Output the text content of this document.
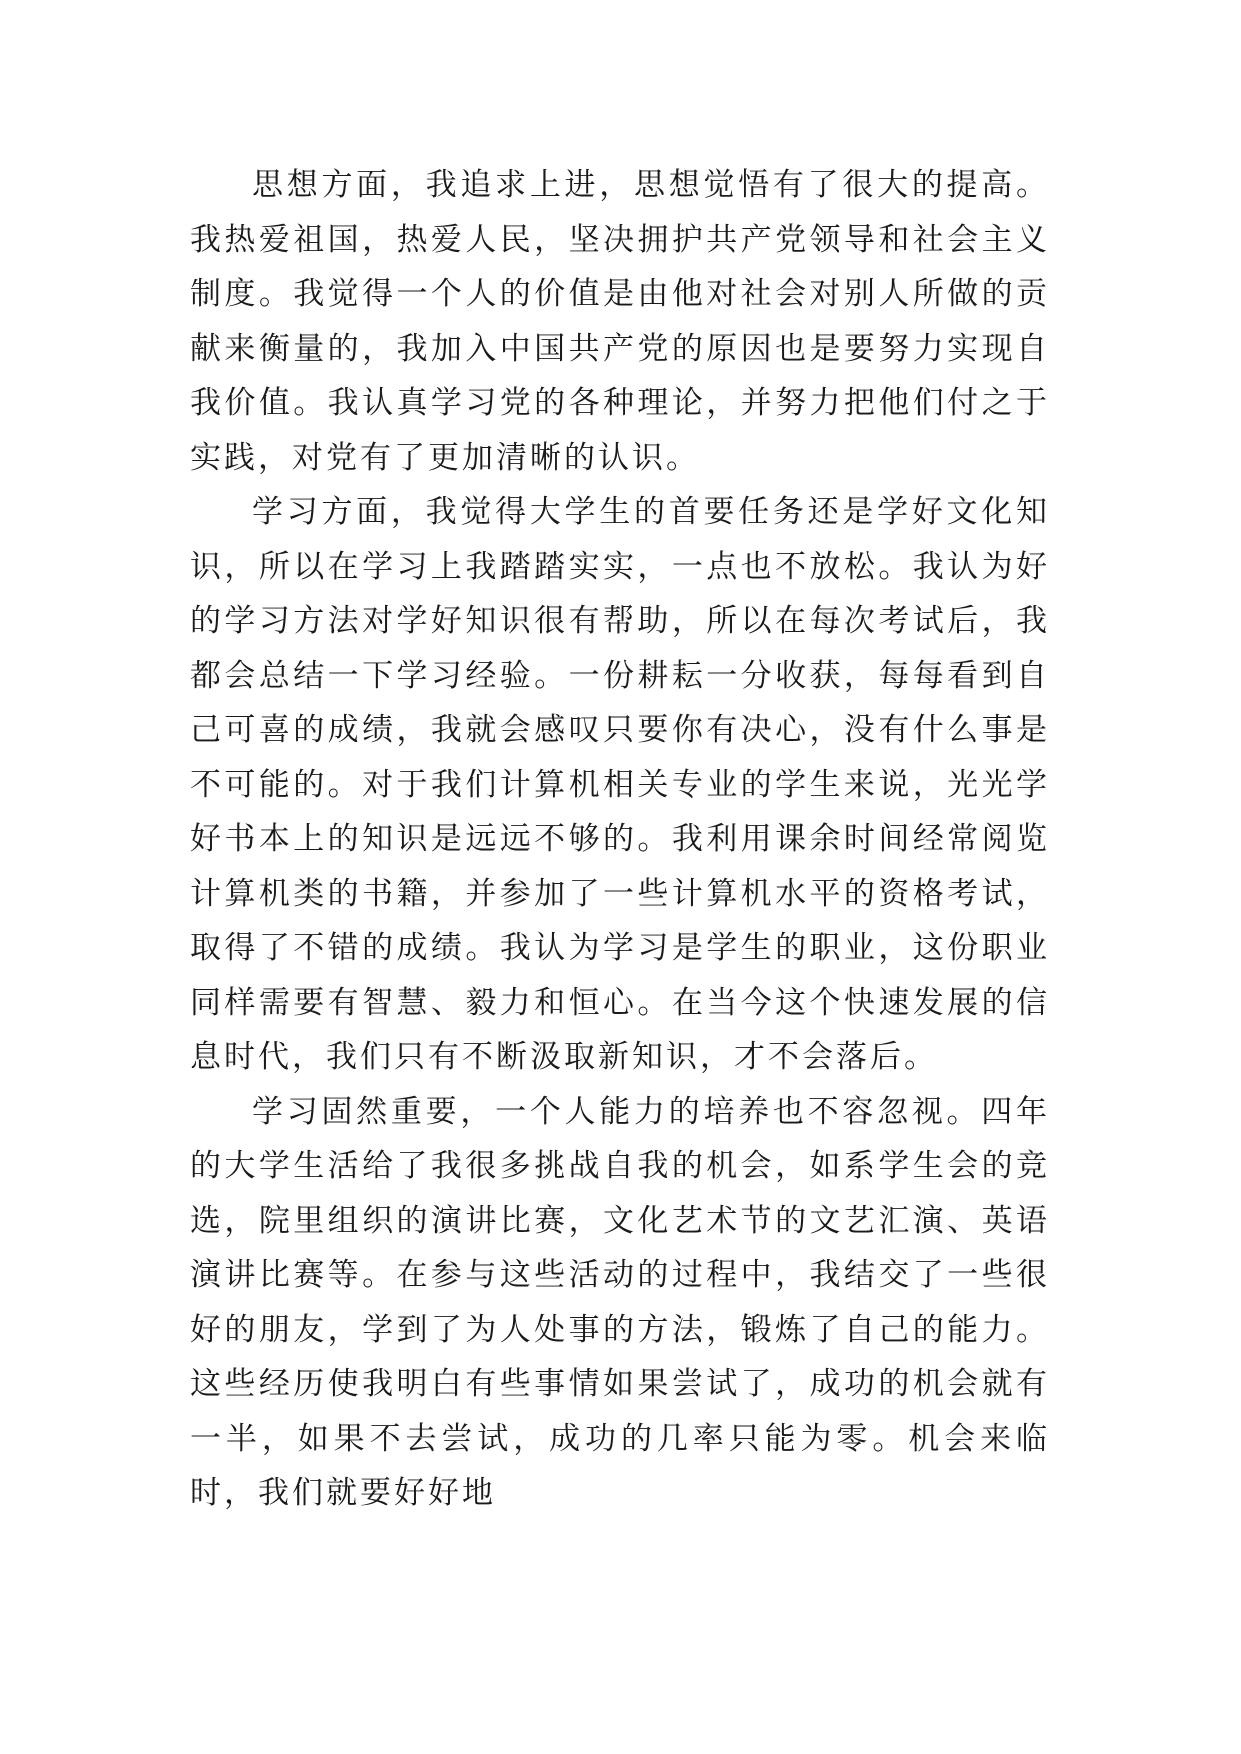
思想方面，我追求上进，思想觉悟有了很大的提高。我热爱祖国，热爱人民，坚决拥护共产党领导和社会主义制度。我觉得一个人的价值是由他对社会对别人所做的贡献来衡量的，我加入中国共产党的原因也是要努力实现自我价值。我认真学习党的各种理论，并努力把他们付之于实践，对党有了更加清晰的认识。

学习方面，我觉得大学生的首要任务还是学好文化知识，所以在学习上我踏踏实实，一点也不放松。我认为好的学习方法对学好知识很有帮助，所以在每次考试后，我都会总结一下学习经验。一份耕耘一分收获，每每看到自己可喜的成绩，我就会感叹只要你有决心，没有什么事是不可能的。对于我们计算机相关专业的学生来说，光光学好书本上的知识是远远不够的。我利用课余时间经常阅览计算机类的书籍，并参加了一些计算机水平的资格考试，取得了不错的成绩。我认为学习是学生的职业，这份职业同样需要有智慧、毅力和恒心。在当今这个快速发展的信息时代，我们只有不断汲取新知识，才不会落后。

学习固然重要，一个人能力的培养也不容忽视。四年的大学生活给了我很多挑战自我的机会，如系学生会的竞选，院里组织的演讲比赛，文化艺术节的文艺汇演、英语演讲比赛等。在参与这些活动的过程中，我结交了一些很好的朋友，学到了为人处事的方法，锻炼了自己的能力。这些经历使我明白有些事情如果尝试了，成功的机会就有一半，如果不去尝试，成功的几率只能为零。机会来临时，我们就要好好地
